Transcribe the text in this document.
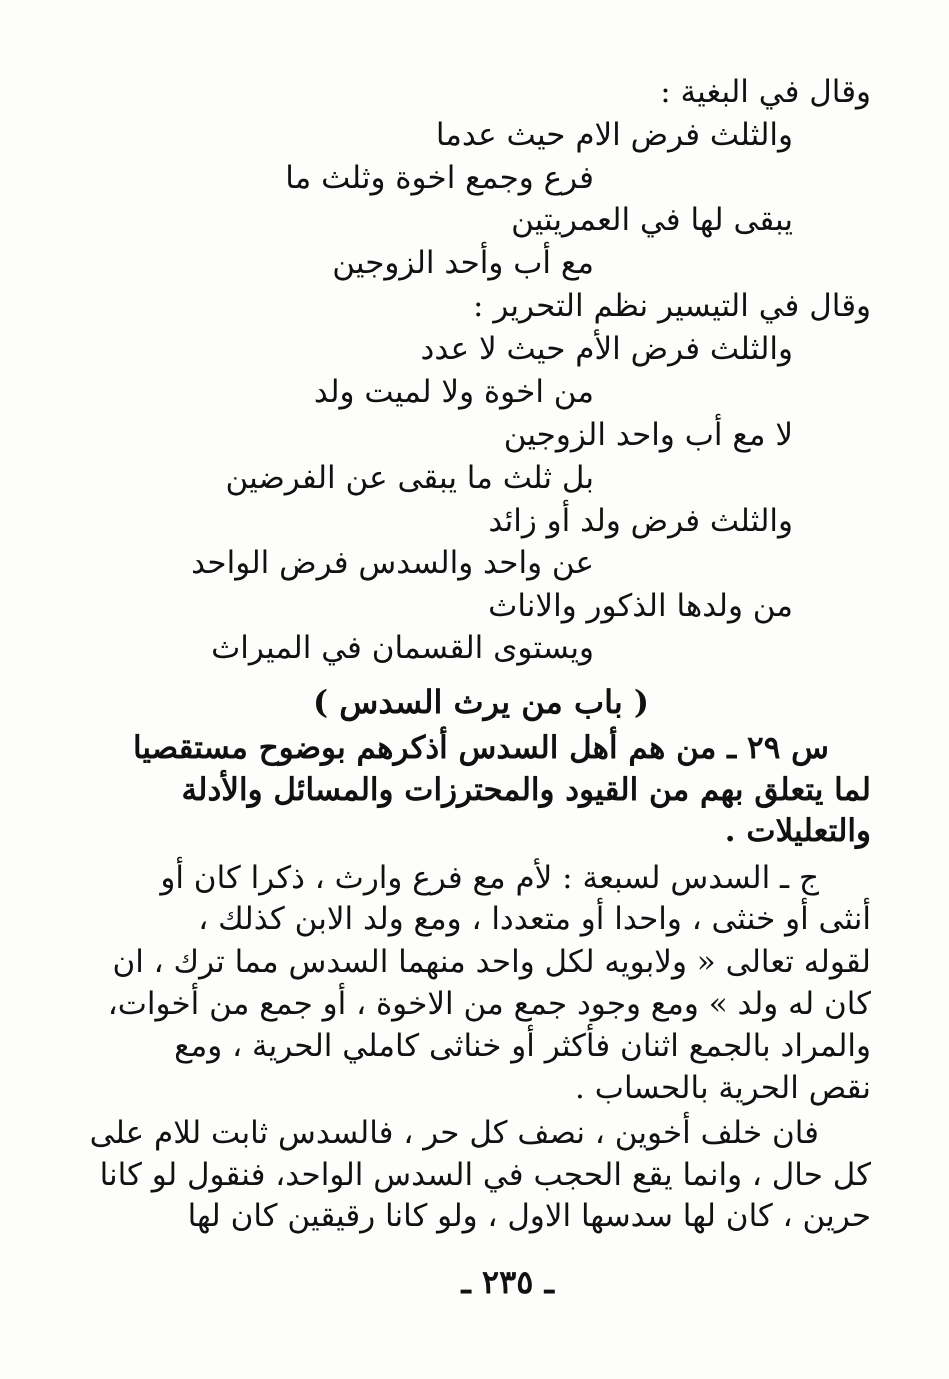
وقال في البغية :
والثلث فرض الام حيث عدما
فرع وجمع اخوة وثلث ما
يبقى لها في العمريتين
مع أب وأحد الزوجين
وقال في التيسير نظم التحرير :
والثلث فرض الأم حيث لا عدد
من اخوة ولا لميت ولد
لا مع أب واحد الزوجين
بل ثلث ما يبقى عن الفرضين
والثلث فرض ولد أو زائد
عن واحد والسدس فرض الواحد
من ولدها الذكور والاناث
ويستوى القسمان في الميراث
( باب من يرث السدس )
س ٢٩ ـ من هم أهل السدس أذكرهم بوضوح مستقصيا
لما يتعلق بهم من القيود والمحترزات والمسائل والأدلة
والتعليلات .
ج ـ السدس لسبعة : لأم مع فرع وارث ، ذكرا كان أو
أنثى أو خنثى ، واحدا أو متعددا ، ومع ولد الابن كذلك ،
لقوله تعالى « ولابويه لكل واحد منهما السدس مما ترك ، ان
كان له ولد » ومع وجود جمع من الاخوة ، أو جمع من أخوات،
والمراد بالجمع اثنان فأكثر أو خناثى كاملي الحرية ، ومع
نقص الحرية بالحساب .
فان خلف أخوين ، نصف كل حر ، فالسدس ثابت للام على
كل حال ، وانما يقع الحجب في السدس الواحد، فنقول لو كانا
حرين ، كان لها سدسها الاول ، ولو كانا رقيقين كان لها
ـ ٢٣٥ ـ
